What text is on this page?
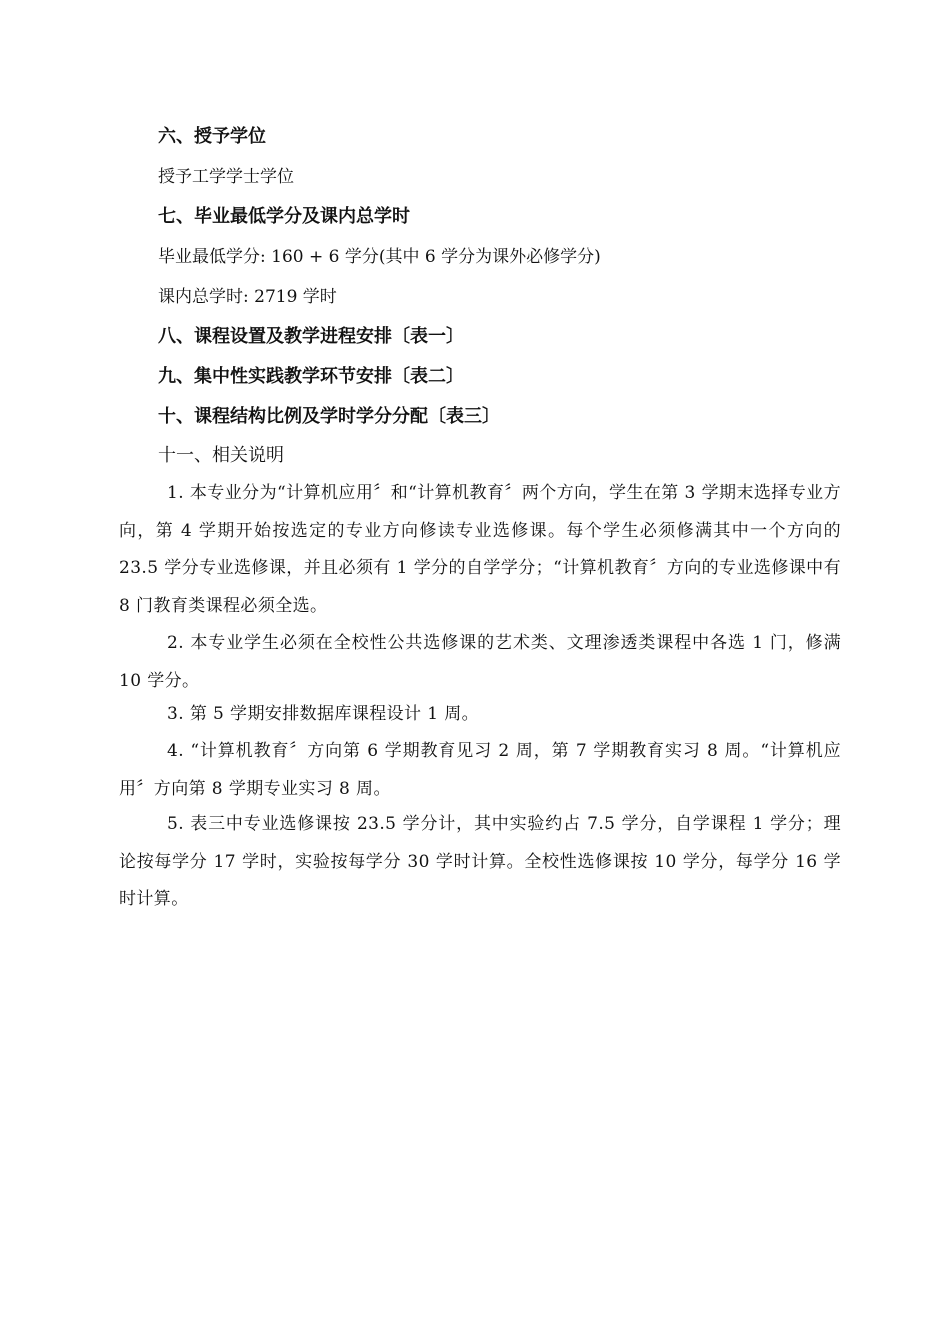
六、授予学位
授予工学学士学位
七、毕业最低学分及课内总学时
毕业最低学分: 160 + 6 学分(其中 6 学分为课外必修学分)
课内总学时: 2719 学时
八、课程设置及教学进程安排〔表一〕
九、集中性实践教学环节安排〔表二〕
十、课程结构比例及学时学分分配〔表三〕
十一、相关说明
1. 本专业分为“计算机应用〞和“计算机教育〞两个方向，学生在第 3 学期末选择专业方向，第 4 学期开始按选定的专业方向修读专业选修课。每个学生必须修满其中一个方向的 23.5 学分专业选修课，并且必须有 1 学分的自学学分；“计算机教育〞方向的专业选修课中有 8 门教育类课程必须全选。
2. 本专业学生必须在全校性公共选修课的艺术类、文理渗透类课程中各选 1 门，修满 10 学分。
3. 第 5 学期安排数据库课程设计 1 周。
4. “计算机教育〞方向第 6 学期教育见习 2 周，第 7 学期教育实习 8 周。“计算机应用〞方向第 8 学期专业实习 8 周。
5. 表三中专业选修课按 23.5 学分计，其中实验约占 7.5 学分，自学课程 1 学分；理论按每学分 17 学时，实验按每学分 30 学时计算。全校性选修课按 10 学分，每学分 16 学时计算。
